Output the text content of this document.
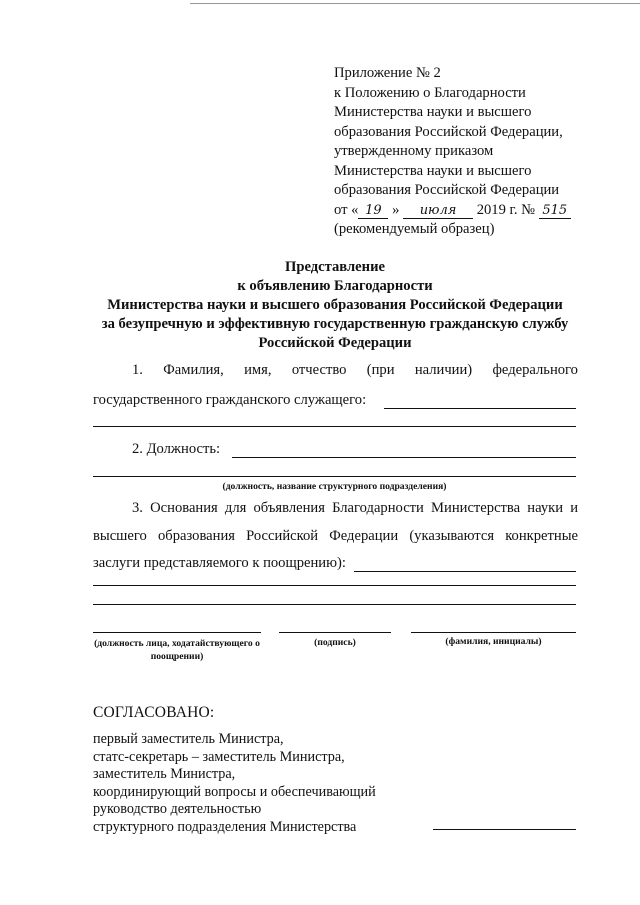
Приложение № 2
к Положению о Благодарности
Министерства науки и высшего
образования Российской Федерации,
утвержденному приказом
Министерства науки и высшего
образования Российской Федерации
от « 19 » июля 2019 г. № 515
(рекомендуемый образец)
Представление
к объявлению Благодарности
Министерства науки и высшего образования Российской Федерации
за безупречную и эффективную государственную гражданскую службу
Российской Федерации
1. Фамилия, имя, отчество (при наличии) федерального
государственного гражданского служащего:
2. Должность:
(должность, название структурного подразделения)
3. Основания для объявления Благодарности Министерства науки и
высшего образования Российской Федерации (указываются конкретные
заслуги представляемого к поощрению):
(должность лица, ходатайствующего о
поощрении)
(подпись)	(фамилия, инициалы)
СОГЛАСОВАНО:
первый заместитель Министра,
статс-секретарь – заместитель Министра,
заместитель Министра,
координирующий вопросы и обеспечивающий
руководство деятельностью
структурного подразделения Министерства
